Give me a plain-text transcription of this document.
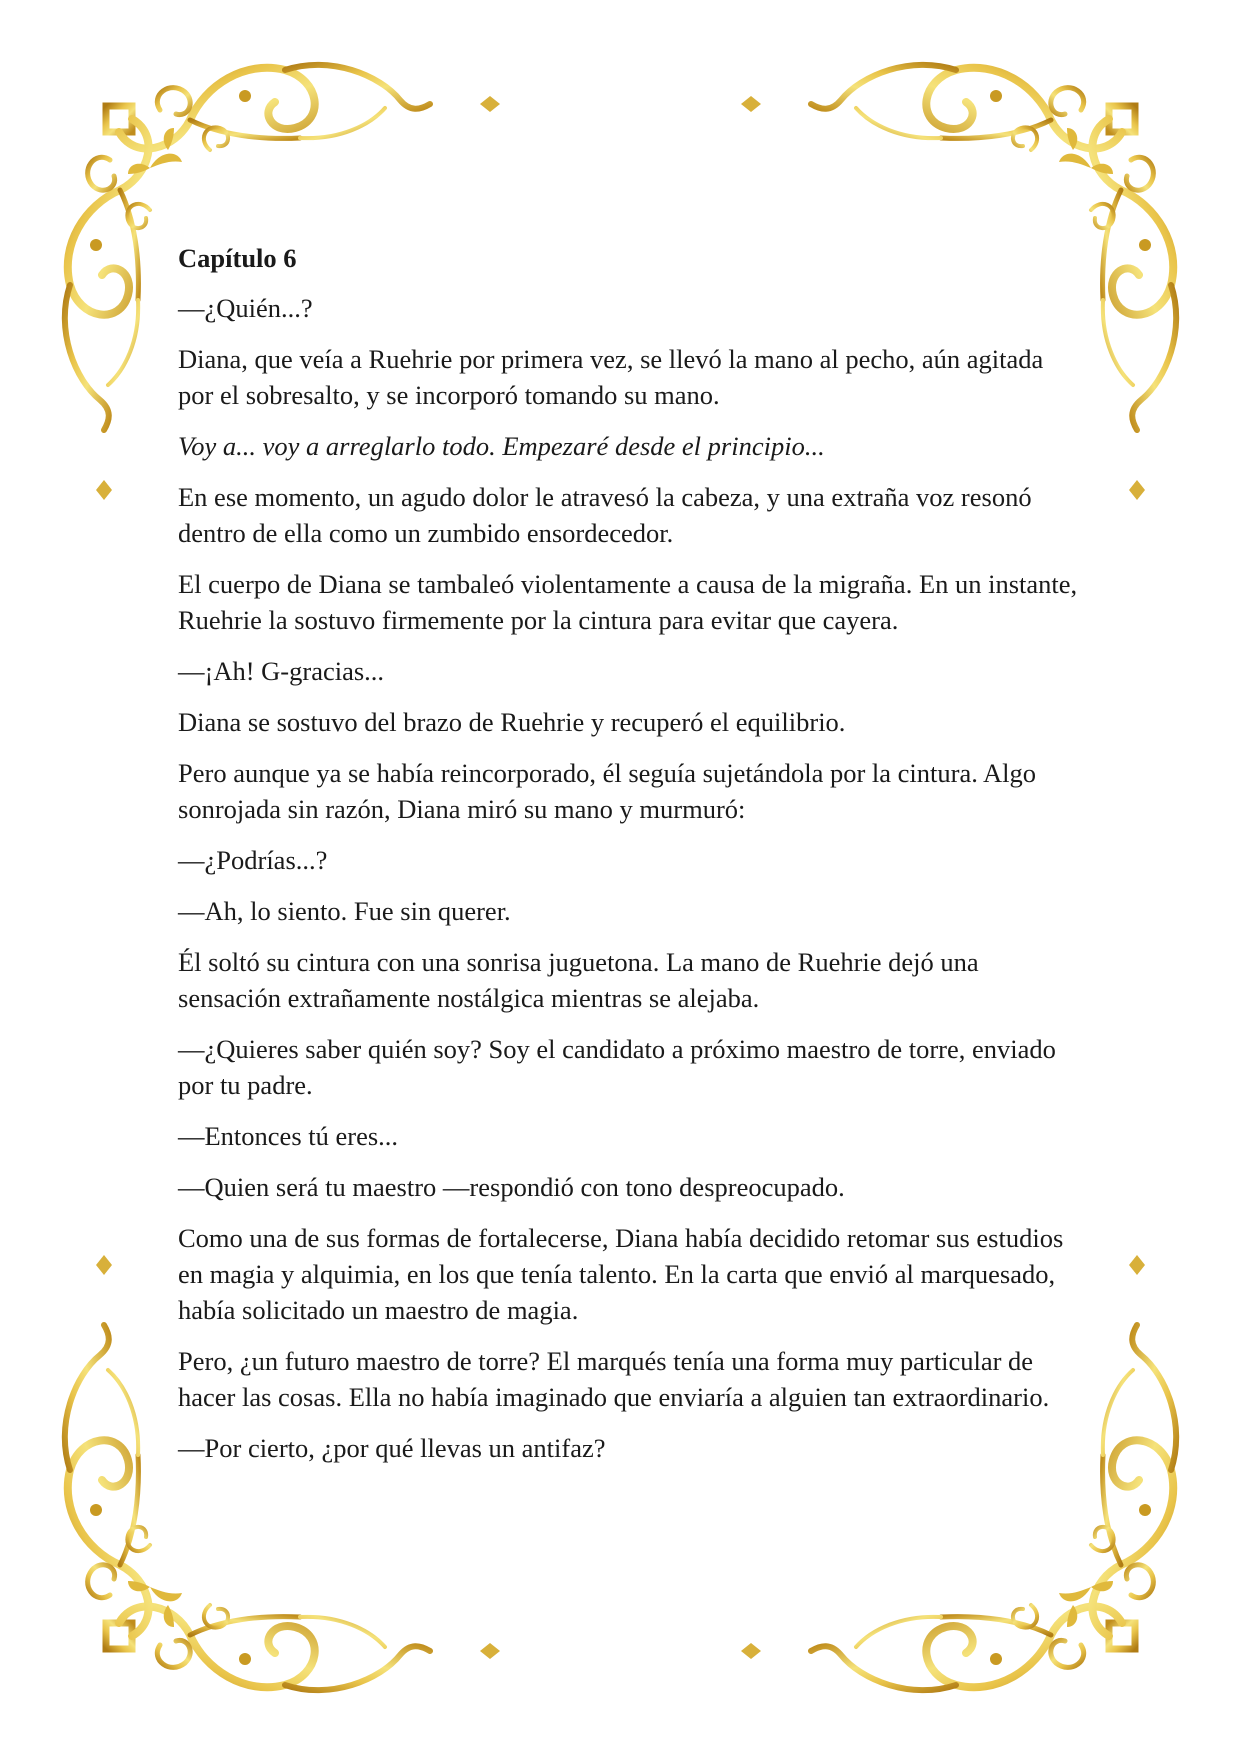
Capítulo 6

—¿Quién...?

Diana, que veía a Ruehrie por primera vez, se llevó la mano al pecho, aún agitada por el sobresalto, y se incorporó tomando su mano.

Voy a... voy a arreglarlo todo. Empezaré desde el principio...

En ese momento, un agudo dolor le atravesó la cabeza, y una extraña voz resonó dentro de ella como un zumbido ensordecedor.

El cuerpo de Diana se tambaleó violentamente a causa de la migraña. En un instante, Ruehrie la sostuvo firmemente por la cintura para evitar que cayera.

—¡Ah! G-gracias...

Diana se sostuvo del brazo de Ruehrie y recuperó el equilibrio.

Pero aunque ya se había reincorporado, él seguía sujetándola por la cintura. Algo sonrojada sin razón, Diana miró su mano y murmuró:

—¿Podrías...?

—Ah, lo siento. Fue sin querer.

Él soltó su cintura con una sonrisa juguetona. La mano de Ruehrie dejó una sensación extrañamente nostálgica mientras se alejaba.

—¿Quieres saber quién soy? Soy el candidato a próximo maestro de torre, enviado por tu padre.

—Entonces tú eres...

—Quien será tu maestro —respondió con tono despreocupado.

Como una de sus formas de fortalecerse, Diana había decidido retomar sus estudios en magia y alquimia, en los que tenía talento. En la carta que envió al marquesado, había solicitado un maestro de magia.

Pero, ¿un futuro maestro de torre? El marqués tenía una forma muy particular de hacer las cosas. Ella no había imaginado que enviaría a alguien tan extraordinario.

—Por cierto, ¿por qué llevas un antifaz?
